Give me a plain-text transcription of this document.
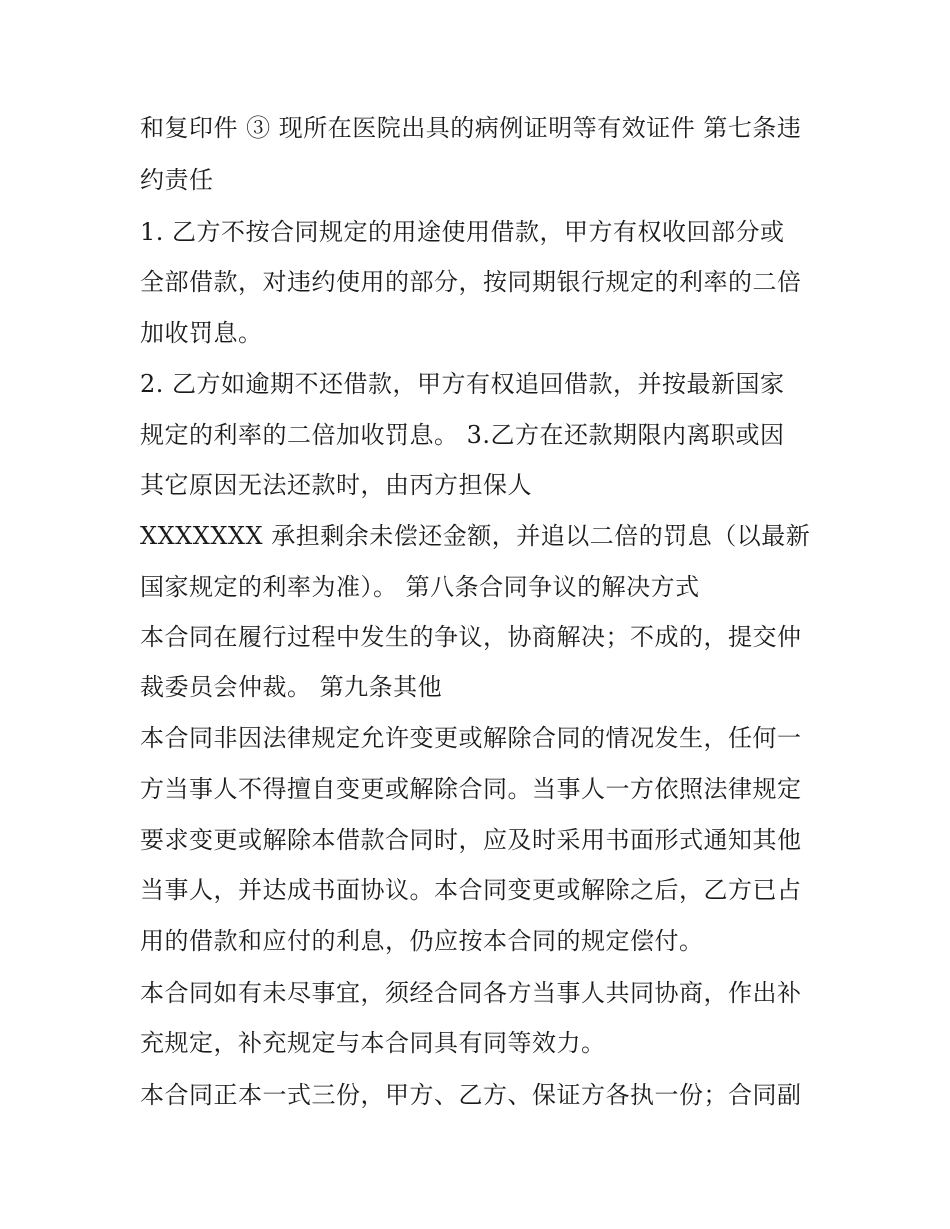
和复印件 ③ 现所在医院出具的病例证明等有效证件 第七条违
约责任
1. 乙方不按合同规定的用途使用借款，甲方有权收回部分或
全部借款，对违约使用的部分，按同期银行规定的利率的二倍
加收罚息。
2. 乙方如逾期不还借款，甲方有权追回借款，并按最新国家
规定的利率的二倍加收罚息。 3.乙方在还款期限内离职或因
其它原因无法还款时，由丙方担保人
XXXXXXX 承担剩余未偿还金额，并追以二倍的罚息（以最新
国家规定的利率为准）。 第八条合同争议的解决方式
本合同在履行过程中发生的争议，协商解决；不成的，提交仲
裁委员会仲裁。 第九条其他
本合同非因法律规定允许变更或解除合同的情况发生，任何一
方当事人不得擅自变更或解除合同。当事人一方依照法律规定
要求变更或解除本借款合同时，应及时采用书面形式通知其他
当事人，并达成书面协议。本合同变更或解除之后，乙方已占
用的借款和应付的利息，仍应按本合同的规定偿付。
本合同如有未尽事宜，须经合同各方当事人共同协商，作出补
充规定，补充规定与本合同具有同等效力。
本合同正本一式三份，甲方、乙方、保证方各执一份；合同副
